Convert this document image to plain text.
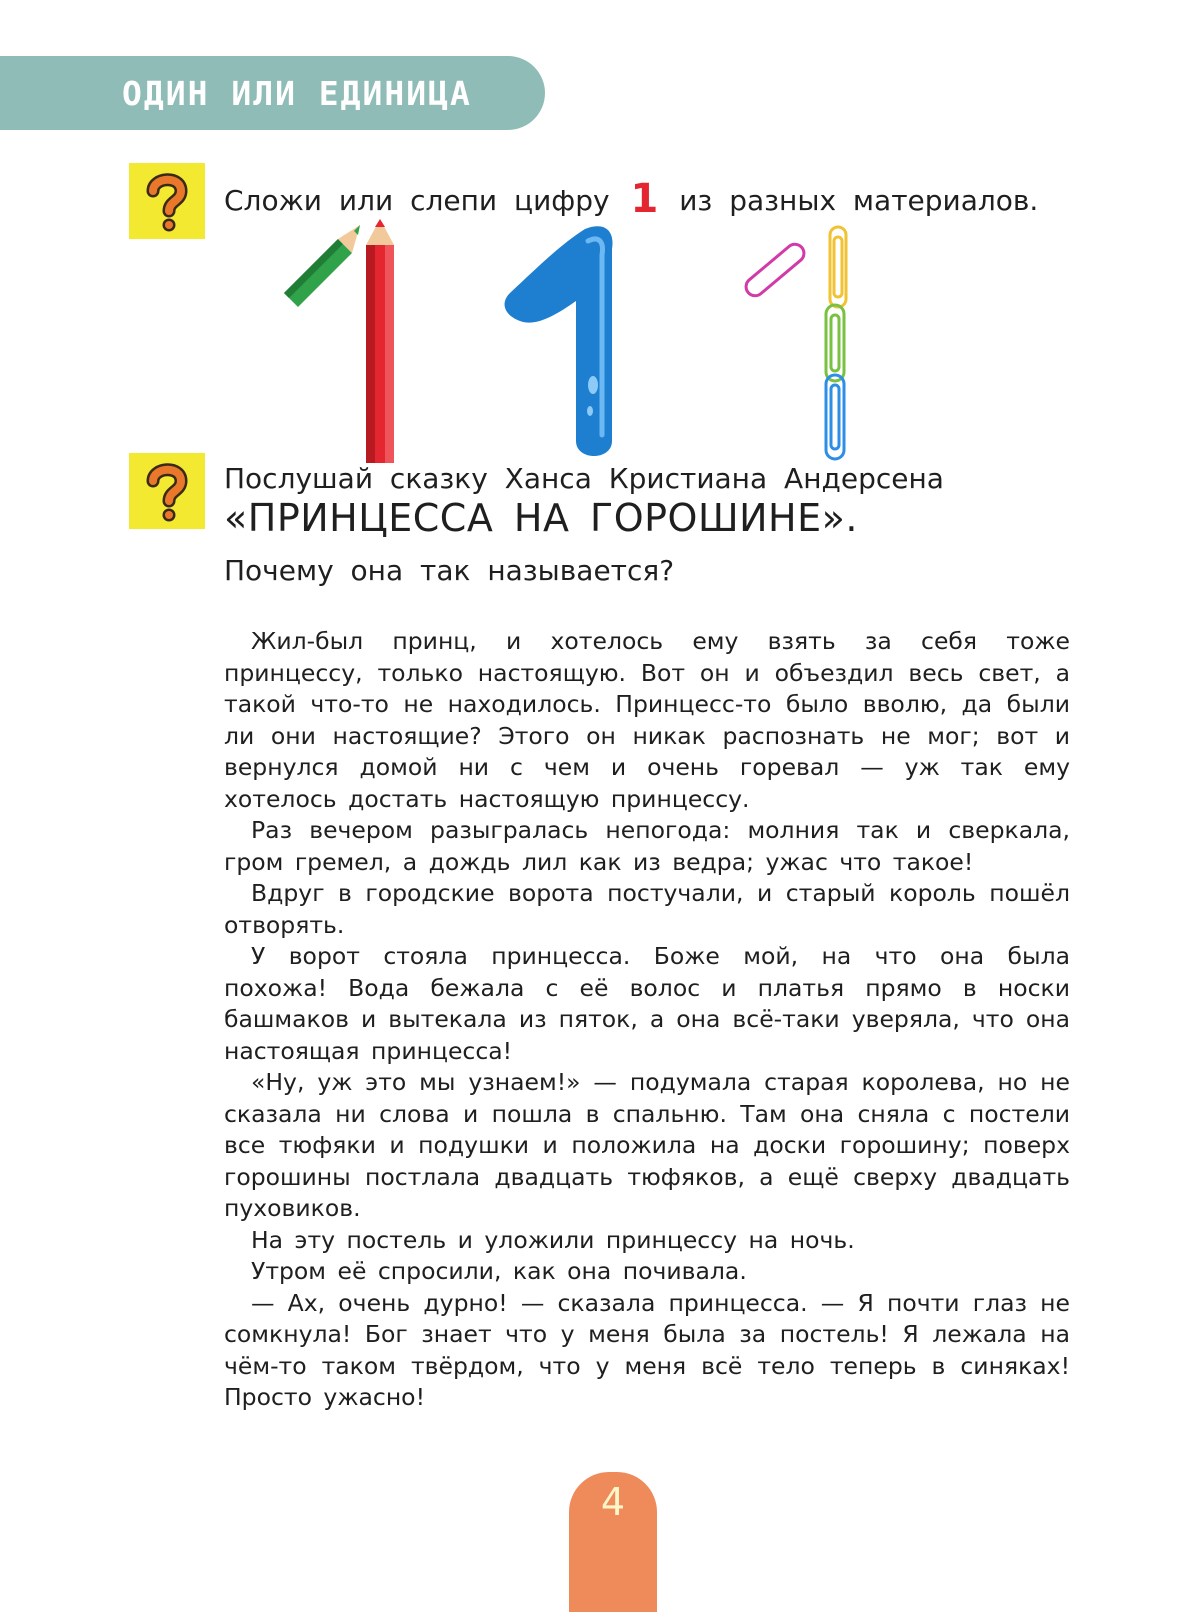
ОДИН ИЛИ ЕДИНИЦА
Сложи или слепи цифру 1 из разных материалов.
Послушай сказку Ханса Кристиана Андерсена
«ПРИНЦЕССА НА ГОРОШИНЕ».
Почему она так называется?

Жил-был принц, и хотелось ему взять за себя тоже принцессу, только настоящую. Вот он и объездил весь свет, а такой что-то не находилось. Принцесс-то было вволю, да были ли они настоящие? Этого он никак распознать не мог; вот и вернулся домой ни с чем и очень горевал — уж так ему хотелось достать настоящую принцессу.

Раз вечером разыгралась непогода: молния так и сверкала, гром гремел, а дождь лил как из ведра; ужас что такое!

Вдруг в городские ворота постучали, и старый король пошёл отворять.

У ворот стояла принцесса. Боже мой, на что она была похожа! Вода бежала с её волос и платья прямо в носки башмаков и вытекала из пяток, а она всё-таки уверяла, что она настоящая принцесса!

«Ну, уж это мы узнаем!» — подумала старая королева, но не сказала ни слова и пошла в спальню. Там она сняла с постели все тюфяки и подушки и положила на доски горошину; поверх горошины постлала двадцать тюфяков, а ещё сверху двадцать пуховиков.

На эту постель и уложили принцессу на ночь.

Утром её спросили, как она почивала.

— Ах, очень дурно! — сказала принцесса. — Я почти глаз не сомкнула! Бог знает что у меня была за постель! Я лежала на чём-то таком твёрдом, что у меня всё тело теперь в синяках! Просто ужасно!

4
